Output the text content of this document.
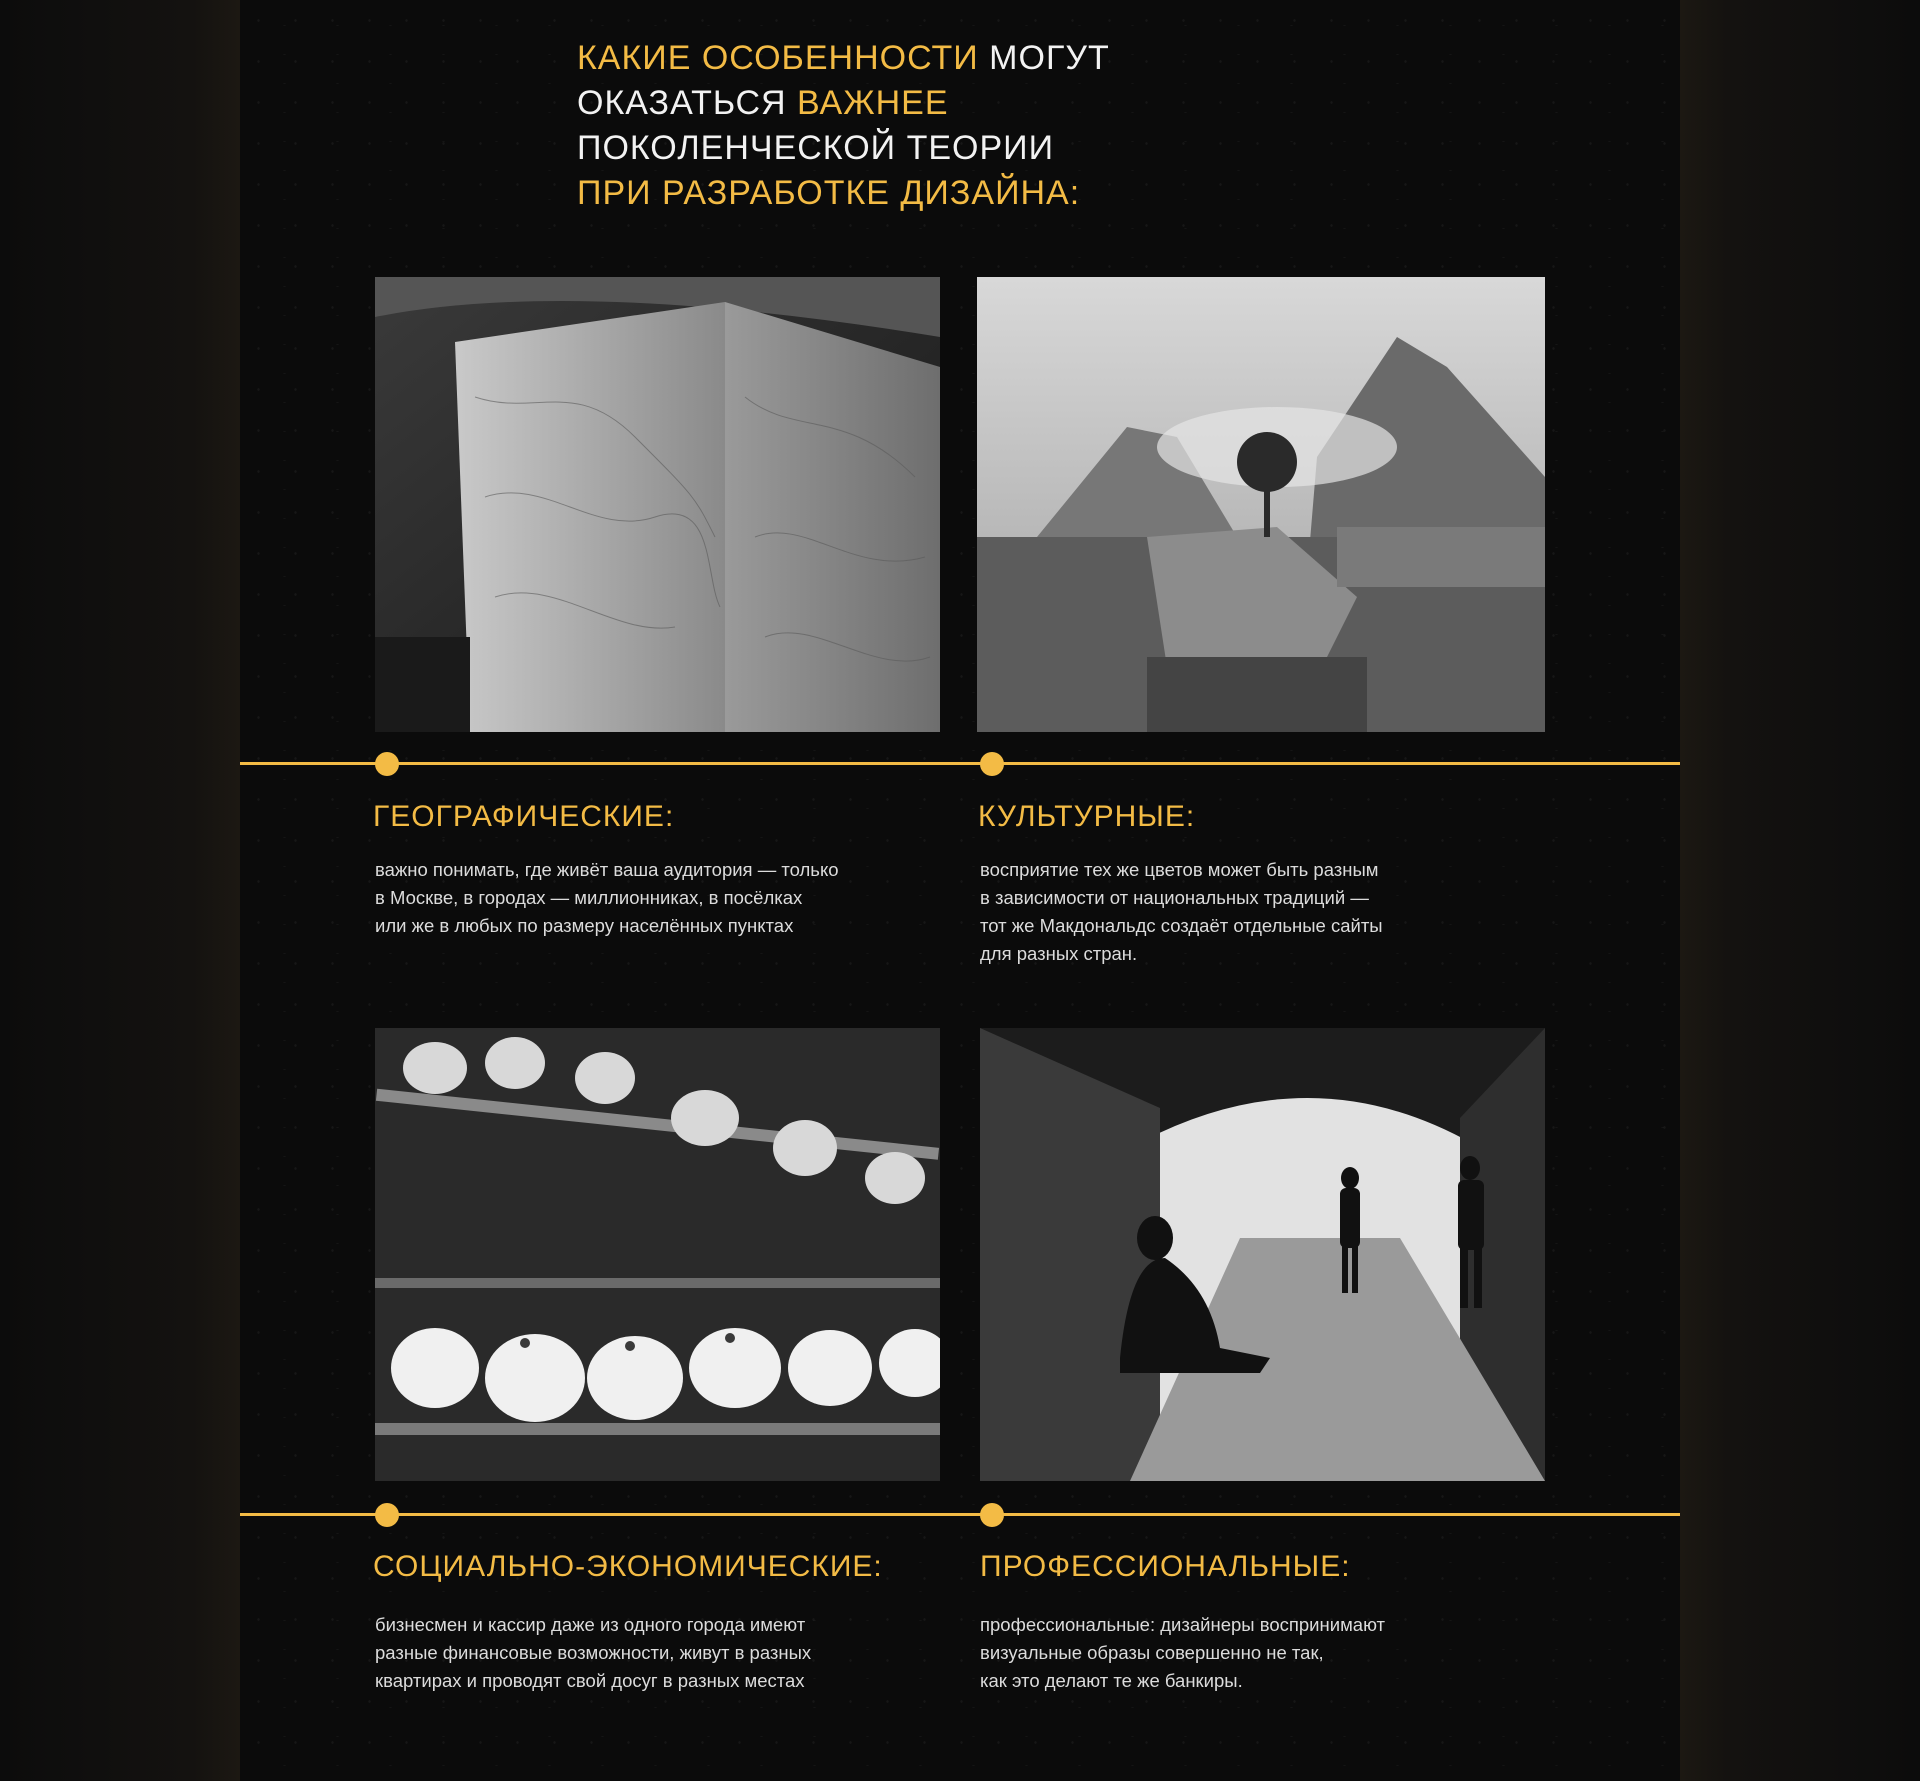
КАКИЕ ОСОБЕННОСТИ МОГУТ
ОКАЗАТЬСЯ ВАЖНЕЕ
ПОКОЛЕНЧЕСКОЙ ТЕОРИИ
ПРИ РАЗРАБОТКЕ ДИЗАЙНА:
ГЕОГРАФИЧЕСКИЕ:

важно понимать, где живёт ваша аудитория — только
в Москве, в городах — миллионниках, в посёлках
или же в любых по размеру населённых пунктах

КУЛЬТУРНЫЕ:

восприятие тех же цветов может быть разным
в зависимости от национальных традиций —
тот же Макдональдс создаёт отдельные сайты
для разных стран.

СОЦИАЛЬНО-ЭКОНОМИЧЕСКИЕ:

бизнесмен и кассир даже из одного города имеют
разные финансовые возможности, живут в разных
квартирах и проводят свой досуг в разных местах

ПРОФЕССИОНАЛЬНЫЕ:

профессиональные: дизайнеры воспринимают
визуальные образы совершенно не так,
как это делают те же банкиры.
